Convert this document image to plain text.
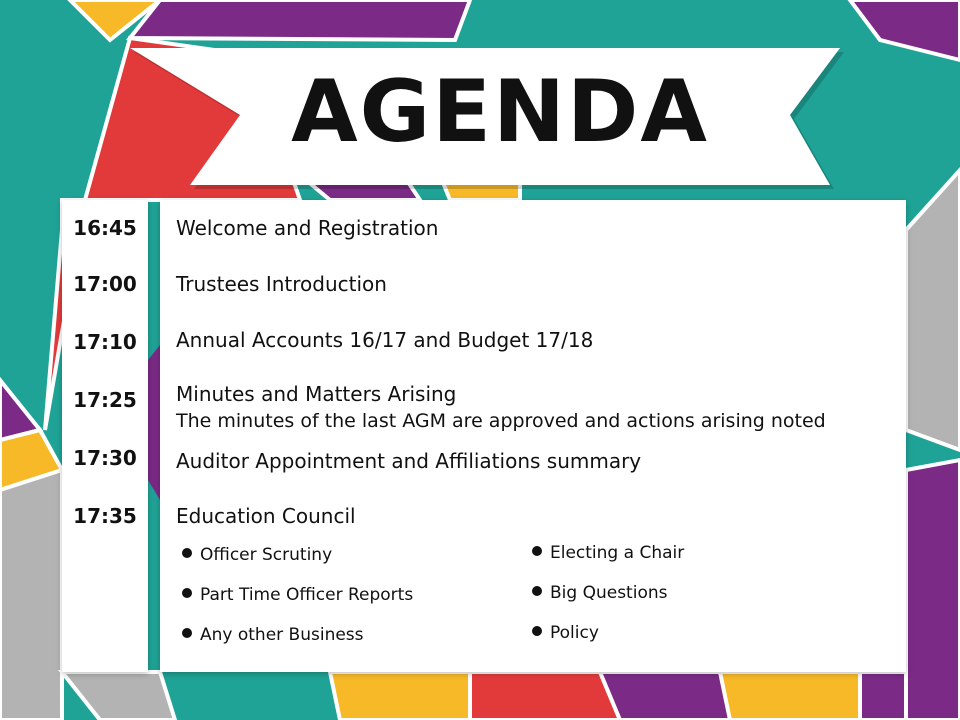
AGENDA
16:45
17:00
17:10
17:25
17:30
17:35
Welcome and Registration
Trustees Introduction
Annual Accounts 16/17 and Budget 17/18
Minutes and Matters Arising
The minutes of the last AGM are approved and actions arising noted
Auditor Appointment and Affiliations summary
Education Council
Officer Scrutiny
Part Time Officer Reports
Any other Business
Electing a Chair
Big Questions
Policy
